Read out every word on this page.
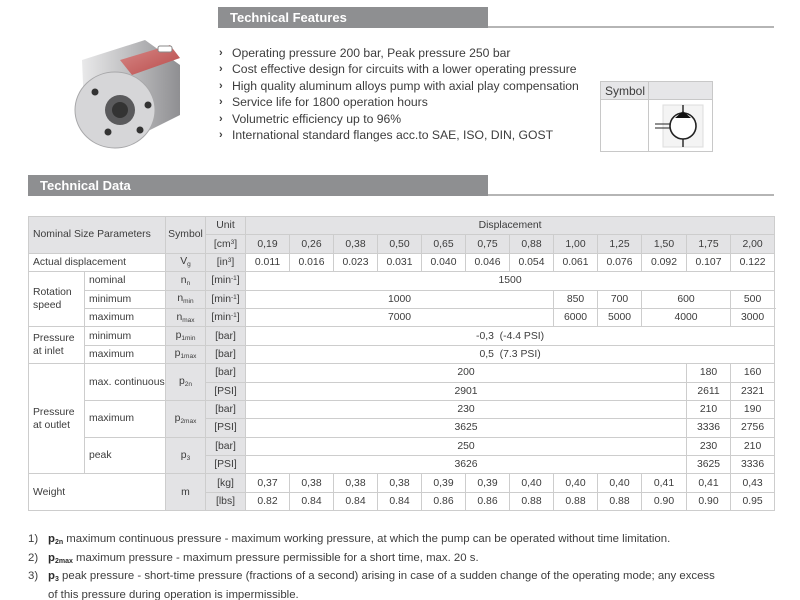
Technical Features
› Operating pressure 200 bar, Peak pressure 250 bar
› Cost effective design for circuits with a lower operating pressure
› High quality aluminum alloys pump with axial play compensation
› Service life for 1800 operation hours
› Volumetric efficiency up to 96%
› International standard flanges acc.to SAE, ISO, DIN, GOST
Symbol
Technical Data
Nominal Size Parameters		Symbol	Unit	Displacement											
			$[cm^3]$	0,19	0,26	0,38	0,50	0,65	0,75	0,88	1,00	1,25	1,50	1,75	2,00
Actual displacement		$V_g$	$[in^3]$	0.011	0.016	0.023	0.031	0.040	0.046	0.054	0.061	0.076	0.092	0.107	0.122
Rotation speed	nominal	$n_n$	$[\min^{-1}]$	1500											
	minimum	$n_{min}$	$[\min^{-1}]$	1000							850	700	600		500
	maximum	$n_{max}$	$[\min^{-1}]$	7000							6000	5000	4000		3000
Pressure at inlet	minimum	$p_{1min}$	[bar]	-0,3  (-4.4 PSI)											
	maximum	$p_{1max}$	[bar]	0,5  (7.3 PSI)											
Pressure at outlet	max. continuous	$p_{2n}$	[bar]	200										180	160
			[PSI]	2901										2611	2321
	maximum	$p_{2max}$	[bar]	230										210	190
			[PSI]	3625										3336	2756
	peak	$p_3$	[bar]	250										230	210
			[PSI]	3626										3625	3336
Weight		m	[kg]	0,37	0,38	0,38	0,38	0,39	0,39	0,40	0,40	0,40	0,41	0,41	0,43
			[lbs]	0.82	0.84	0.84	0.84	0.86	0.86	0.88	0.88	0.88	0.90	0.90	0.95
1) $p_{2n}$ maximum continuous pressure - maximum working pressure, at which the pump can be operated without time limitation.
2) $p_{2max}$ maximum pressure - maximum pressure permissible for a short time, max. 20 s.
3) $p_3$ peak pressure - short-time pressure (fractions of a second) arising in case of a sudden change of the operating mode; any excess
of this pressure during operation is impermissible.
